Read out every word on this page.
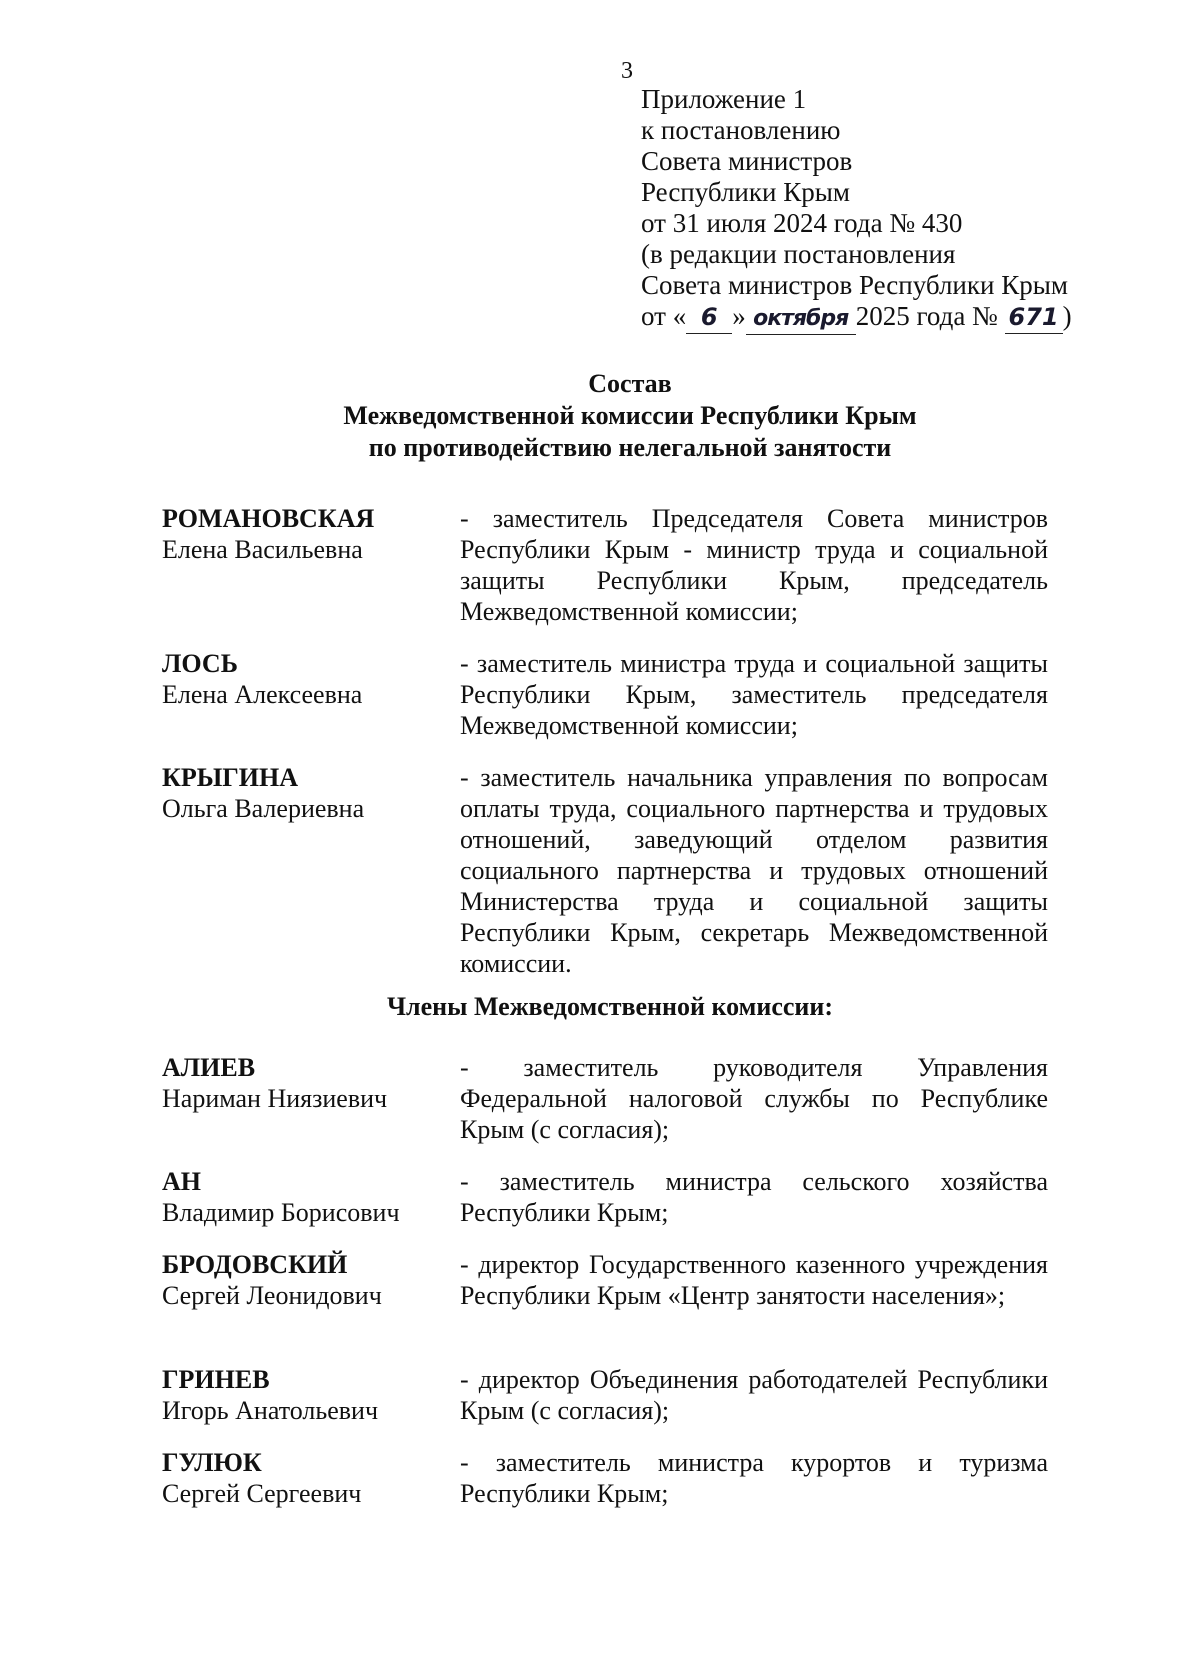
3
Приложение 1
к постановлению
Совета министров
Республики Крым
от 31 июля 2024 года № 430
(в редакции постановления
Совета министров Республики Крым
от « 6 » октября 2025 года № 671 )
Состав
Межведомственной комиссии Республики Крым
по противодействию нелегальной занятости
РОМАНОВСКАЯ
Елена Васильевна
- заместитель Председателя Совета министров Республики Крым - министр труда и социальной защиты Республики Крым, председатель Межведомственной комиссии;
ЛОСЬ
Елена Алексеевна
- заместитель министра труда и социальной защиты Республики Крым, заместитель председателя Межведомственной комиссии;
КРЫГИНА
Ольга Валериевна
- заместитель начальника управления по вопросам оплаты труда, социального партнерства и трудовых отношений, заведующий отделом развития социального партнерства и трудовых отношений Министерства труда и социальной защиты Республики Крым, секретарь Межведомственной комиссии.
Члены Межведомственной комиссии:
АЛИЕВ
Нариман Ниязиевич
- заместитель руководителя Управления Федеральной налоговой службы по Республике Крым (с согласия);
АН
Владимир Борисович
- заместитель министра сельского хозяйства Республики Крым;
БРОДОВСКИЙ
Сергей Леонидович
- директор Государственного казенного учреждения Республики Крым «Центр занятости населения»;
ГРИНЕВ
Игорь Анатольевич
- директор Объединения работодателей Республики Крым (с согласия);
ГУЛЮК
Сергей Сергеевич
- заместитель министра курортов и туризма Республики Крым;
